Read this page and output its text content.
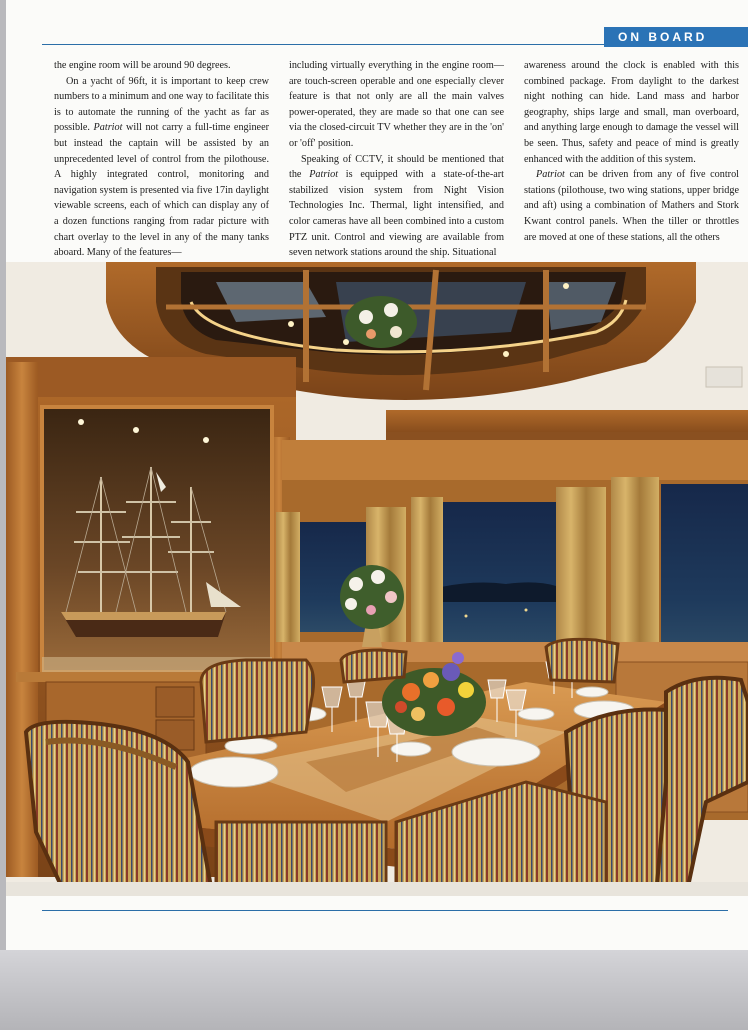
ON BOARD

the engine room will be around 90 degrees.

On a yacht of 96ft, it is important to keep crew numbers to a minimum and one way to facilitate this is to automate the running of the yacht as far as possible. Patriot will not carry a full-time engineer but instead the captain will be assisted by an unprecedented level of control from the pilothouse. A highly integrated control, monitoring and navigation system is presented via five 17in daylight viewable screens, each of which can display any of a dozen functions ranging from radar picture with chart overlay to the level in any of the many tanks aboard. Many of the features—

including virtually everything in the engine room—are touch-screen operable and one especially clever feature is that not only are all the main valves power-operated, they are made so that one can see via the closed-circuit TV whether they are in the 'on' or 'off' position.

Speaking of CCTV, it should be mentioned that the Patriot is equipped with a state-of-the-art stabilized vision system from Night Vision Technologies Inc. Thermal, light intensified, and color cameras have all been combined into a custom PTZ unit. Control and viewing are available from seven network stations around the ship. Situational

awareness around the clock is enabled with this combined package. From daylight to the darkest night nothing can hide. Land mass and harbor geography, ships large and small, man overboard, and anything large enough to damage the vessel will be seen. Thus, safety and peace of mind is greatly enhanced with the addition of this system.

Patriot can be driven from any of five control stations (pilothouse, two wing stations, upper bridge and aft) using a combination of Mathers and Stork Kwant control panels. When the tiller or throttles are moved at one of these stations, all the others
